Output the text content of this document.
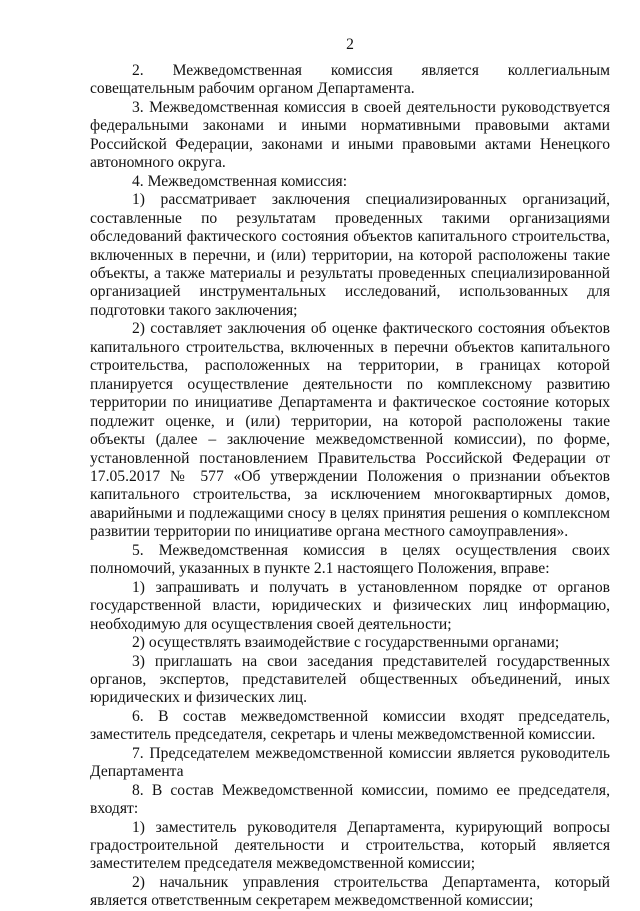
2

2. Межведомственная комиссия является коллегиальным совещательным рабочим органом Департамента.

3. Межведомственная комиссия в своей деятельности руководствуется федеральными законами и иными нормативными правовыми актами Российской Федерации, законами и иными правовыми актами Ненецкого автономного округа.

4. Межведомственная комиссия:

1) рассматривает заключения специализированных организаций, составленные по результатам проведенных такими организациями обследований фактического состояния объектов капитального строительства, включенных в перечни, и (или) территории, на которой расположены такие объекты, а также материалы и результаты проведенных специализированной организацией инструментальных исследований, использованных для подготовки такого заключения;

2) составляет заключения об оценке фактического состояния объектов капитального строительства, включенных в перечни объектов капитального строительства, расположенных на территории, в границах которой планируется осуществление деятельности по комплексному развитию территории по инициативе Департамента и фактическое состояние которых подлежит оценке, и (или) территории, на которой расположены такие объекты (далее – заключение межведомственной комиссии), по форме, установленной постановлением Правительства Российской Федерации от 17.05.2017 № 577 «Об утверждении Положения о признании объектов капитального строительства, за исключением многоквартирных домов, аварийными и подлежащими сносу в целях принятия решения о комплексном развитии территории по инициативе органа местного самоуправления».

5. Межведомственная комиссия в целях осуществления своих полномочий, указанных в пункте 2.1 настоящего Положения, вправе:

1) запрашивать и получать в установленном порядке от органов государственной власти, юридических и физических лиц информацию, необходимую для осуществления своей деятельности;

2) осуществлять взаимодействие с государственными органами;

3) приглашать на свои заседания представителей государственных органов, экспертов, представителей общественных объединений, иных юридических и физических лиц.

6. В состав межведомственной комиссии входят председатель, заместитель председателя, секретарь и члены межведомственной комиссии.

7. Председателем межведомственной комиссии является руководитель Департамента

8. В состав Межведомственной комиссии, помимо ее председателя, входят:

1) заместитель руководителя Департамента, курирующий вопросы градостроительной деятельности и строительства, который является заместителем председателя межведомственной комиссии;

2) начальник управления строительства Департамента, который является ответственным секретарем межведомственной комиссии;
